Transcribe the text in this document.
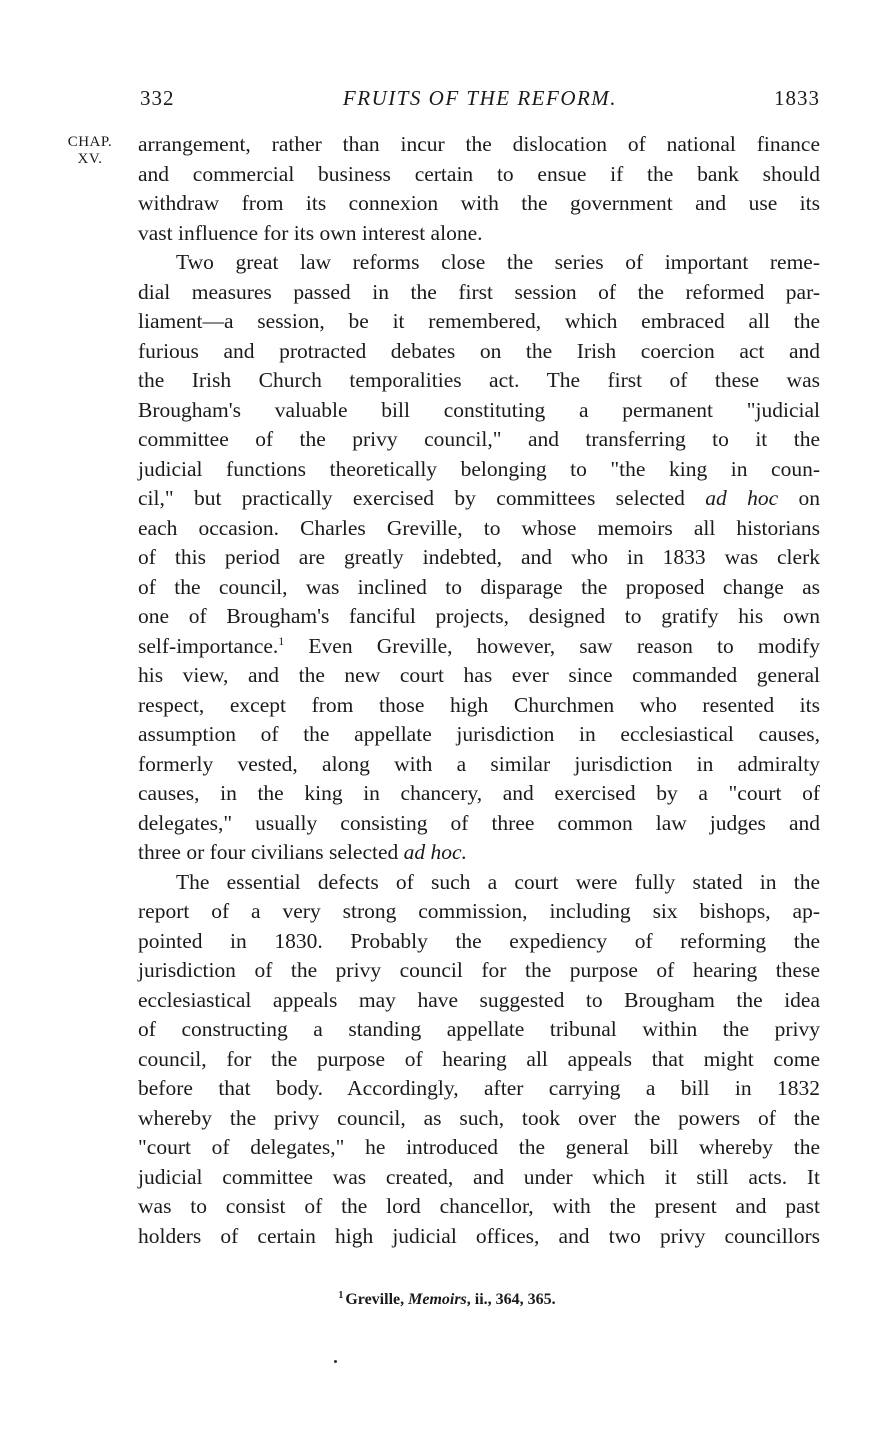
332	FRUITS OF THE REFORM.	1833
CHAP.
XV.
arrangement, rather than incur the dislocation of national finance
and commercial business certain to ensue if the bank should
withdraw from its connexion with the government and use its
vast influence for its own interest alone.
Two great law reforms close the series of important reme-
dial measures passed in the first session of the reformed par-
liament—a session, be it remembered, which embraced all the
furious and protracted debates on the Irish coercion act and
the Irish Church temporalities act. The first of these was
Brougham's valuable bill constituting a permanent "judicial
committee of the privy council," and transferring to it the
judicial functions theoretically belonging to "the king in coun-
cil," but practically exercised by committees selected ad hoc on
each occasion. Charles Greville, to whose memoirs all historians
of this period are greatly indebted, and who in 1833 was clerk
of the council, was inclined to disparage the proposed change as
one of Brougham's fanciful projects, designed to gratify his own
self-importance.$^1$ Even Greville, however, saw reason to modify
his view, and the new court has ever since commanded general
respect, except from those high Churchmen who resented its
assumption of the appellate jurisdiction in ecclesiastical causes,
formerly vested, along with a similar jurisdiction in admiralty
causes, in the king in chancery, and exercised by a "court of
delegates," usually consisting of three common law judges and
three or four civilians selected ad hoc.
The essential defects of such a court were fully stated in the
report of a very strong commission, including six bishops, ap-
pointed in 1830. Probably the expediency of reforming the
jurisdiction of the privy council for the purpose of hearing these
ecclesiastical appeals may have suggested to Brougham the idea
of constructing a standing appellate tribunal within the privy
council, for the purpose of hearing all appeals that might come
before that body. Accordingly, after carrying a bill in 1832
whereby the privy council, as such, took over the powers of the
"court of delegates," he introduced the general bill whereby the
judicial committee was created, and under which it still acts. It
was to consist of the lord chancellor, with the present and past
holders of certain high judicial offices, and two privy councillors
$^1$ Greville, Memoirs, ii., 364, 365.
